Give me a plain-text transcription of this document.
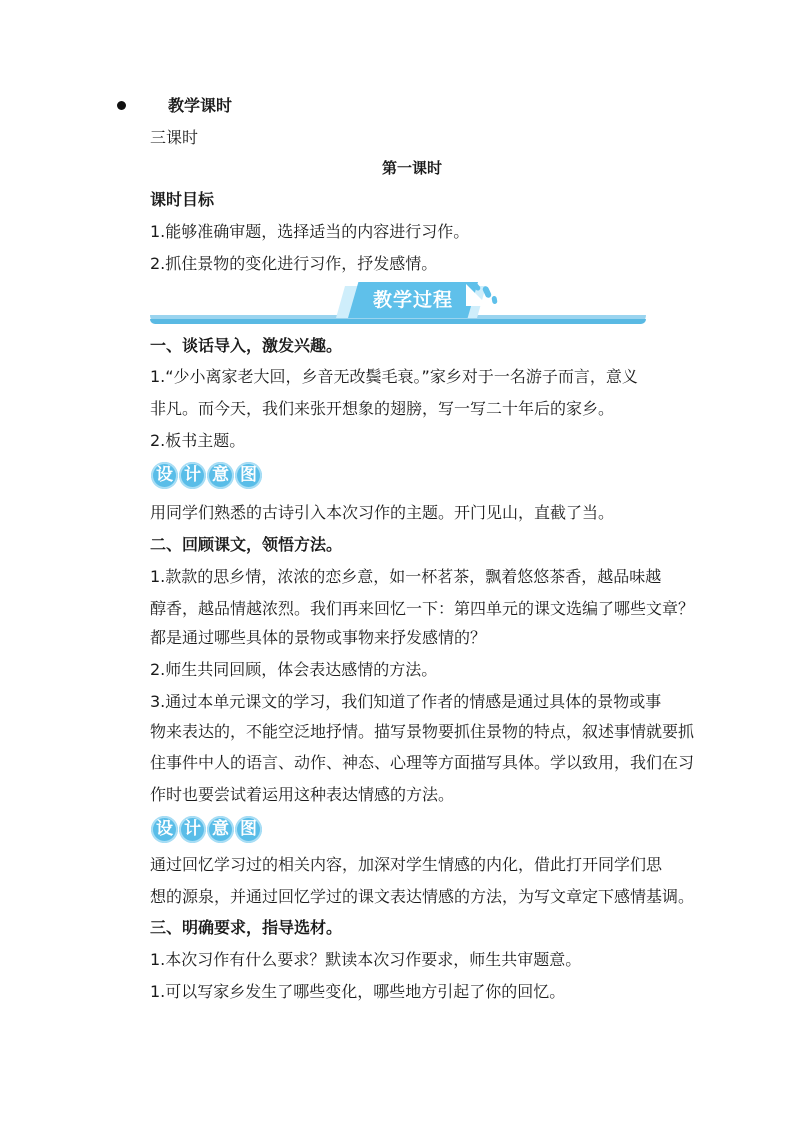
教学课时
三课时
第一课时
课时目标
1.能够准确审题，选择适当的内容进行习作。
2.抓住景物的变化进行习作，抒发感情。
教学过程
一、谈话导入，激发兴趣。
1.“少小离家老大回，乡音无改鬓毛衰。”家乡对于一名游子而言，意义
非凡。而今天，我们来张开想象的翅膀，写一写二十年后的家乡。
2.板书主题。
设 计 意 图
用同学们熟悉的古诗引入本次习作的主题。开门见山，直截了当。
二、回顾课文，领悟方法。
1.款款的思乡情，浓浓的恋乡意，如一杯茗茶，飘着悠悠茶香，越品味越
醇香，越品情越浓烈。我们再来回忆一下：第四单元的课文选编了哪些文章？
都是通过哪些具体的景物或事物来抒发感情的？
2.师生共同回顾，体会表达感情的方法。
3.通过本单元课文的学习，我们知道了作者的情感是通过具体的景物或事
物来表达的，不能空泛地抒情。描写景物要抓住景物的特点，叙述事情就要抓
住事件中人的语言、动作、神态、心理等方面描写具体。学以致用，我们在习
作时也要尝试着运用这种表达情感的方法。
设 计 意 图
通过回忆学习过的相关内容，加深对学生情感的内化，借此打开同学们思
想的源泉，并通过回忆学过的课文表达情感的方法，为写文章定下感情基调。
三、明确要求，指导选材。
1.本次习作有什么要求？默读本次习作要求，师生共审题意。
1.可以写家乡发生了哪些变化，哪些地方引起了你的回忆。
